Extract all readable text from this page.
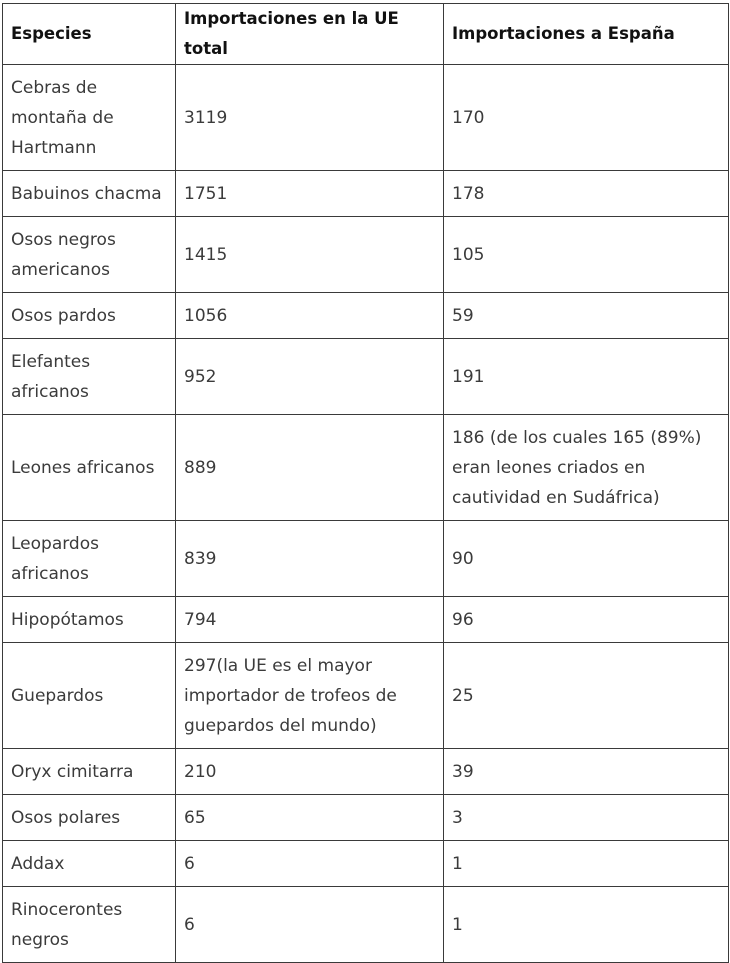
Especies	Importaciones en la UE total	Importaciones a España
Cebras de montaña de Hartmann	3119	170
Babuinos chacma	1751	178
Osos negros americanos	1415	105
Osos pardos	1056	59
Elefantes africanos	952	191
Leones africanos	889	186 (de los cuales 165 (89%) eran leones criados en cautividad en Sudáfrica)
Leopardos africanos	839	90
Hipopótamos	794	96
Guepardos	297(la UE es el mayor importador de trofeos de guepardos del mundo)	25
Oryx cimitarra	210	39
Osos polares	65	3
Addax	6	1
Rinocerontes negros	6	1
